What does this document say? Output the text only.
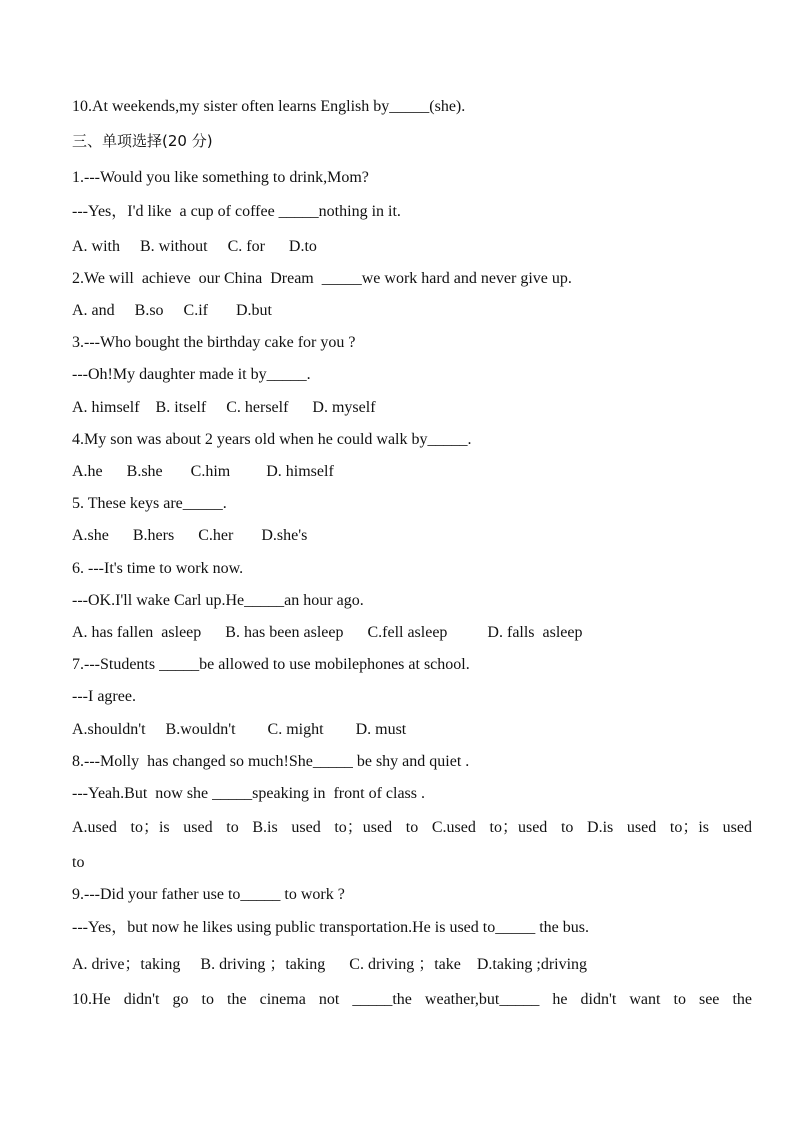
10.At weekends,my sister often learns English by_____(she).
三、单项选择(20 分)
1.---Would you like something to drink,Mom?
---Yes，I'd like  a cup of coffee _____nothing in it.
A. with     B. without     C. for      D.to
2.We will  achieve  our China  Dream  _____we work hard and never give up.
A. and     B.so     C.if       D.but
3.---Who bought the birthday cake for you ?
---Oh!My daughter made it by_____.
A. himself    B. itself     C. herself      D. myself
4.My son was about 2 years old when he could walk by_____.
A.he      B.she       C.him         D. himself
5. These keys are_____.
A.she      B.hers      C.her       D.she's
6. ---It's time to work now.
---OK.I'll wake Carl up.He_____an hour ago.
A. has fallen  asleep      B. has been asleep      C.fell asleep          D. falls  asleep
7.---Students _____be allowed to use mobilephones at school.
---I agree.
A.shouldn't     B.wouldn't        C. might        D. must
8.---Molly  has changed so much!She_____ be shy and quiet .
---Yeah.But  now she _____speaking in  front of class .
A.used to；is used to B.is used to；used to C.used to；used to D.is used to；is used
to
9.---Did your father use to_____ to work ?
---Yes，but now he likes using public transportation.He is used to_____ the bus.
A. drive；taking     B. driving ；taking      C. driving ；take    D.taking ;driving
10.He didn't go to the cinema not _____the weather,but_____ he didn't want to see the
